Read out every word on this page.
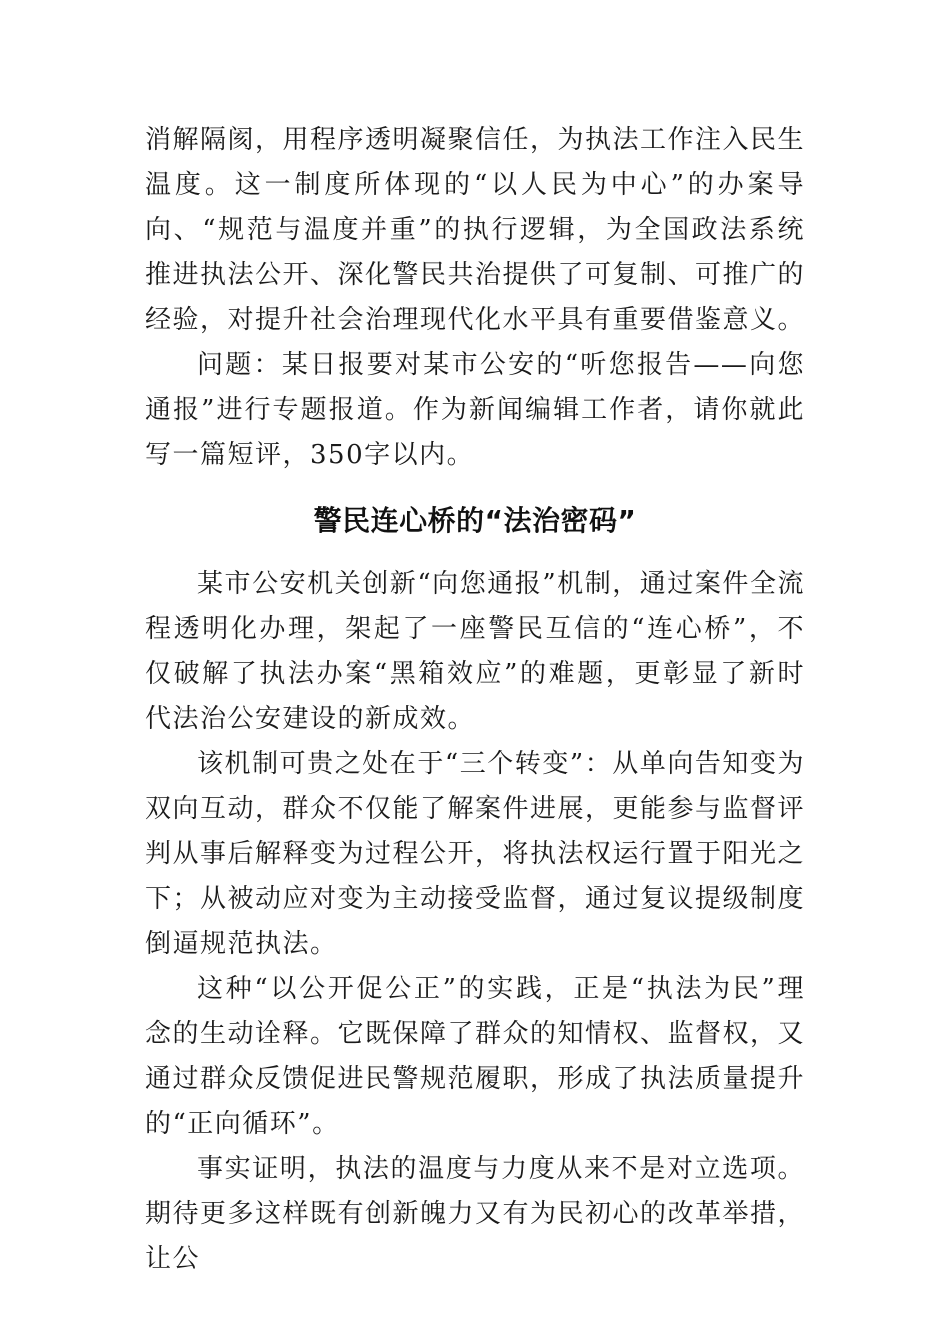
消解隔阂，用程序透明凝聚信任，为执法工作注入民生温度。这一制度所体现的“以人民为中心”的办案导向、“规范与温度并重”的执行逻辑，为全国政法系统推进执法公开、深化警民共治提供了可复制、可推广的经验，对提升社会治理现代化水平具有重要借鉴意义。

问题：某日报要对某市公安的“听您报告——向您通报”进行专题报道。作为新闻编辑工作者，请你就此写一篇短评，350字以内。

警民连心桥的“法治密码”

某市公安机关创新“向您通报”机制，通过案件全流程透明化办理，架起了一座警民互信的“连心桥”，不仅破解了执法办案“黑箱效应”的难题，更彰显了新时代法治公安建设的新成效。

该机制可贵之处在于“三个转变”：从单向告知变为双向互动，群众不仅能了解案件进展，更能参与监督评判从事后解释变为过程公开，将执法权运行置于阳光之下；从被动应对变为主动接受监督，通过复议提级制度倒逼规范执法。

这种“以公开促公正”的实践，正是“执法为民”理念的生动诠释。它既保障了群众的知情权、监督权，又通过群众反馈促进民警规范履职，形成了执法质量提升的“正向循环”。

事实证明，执法的温度与力度从来不是对立选项。期待更多这样既有创新魄力又有为民初心的改革举措，让公
